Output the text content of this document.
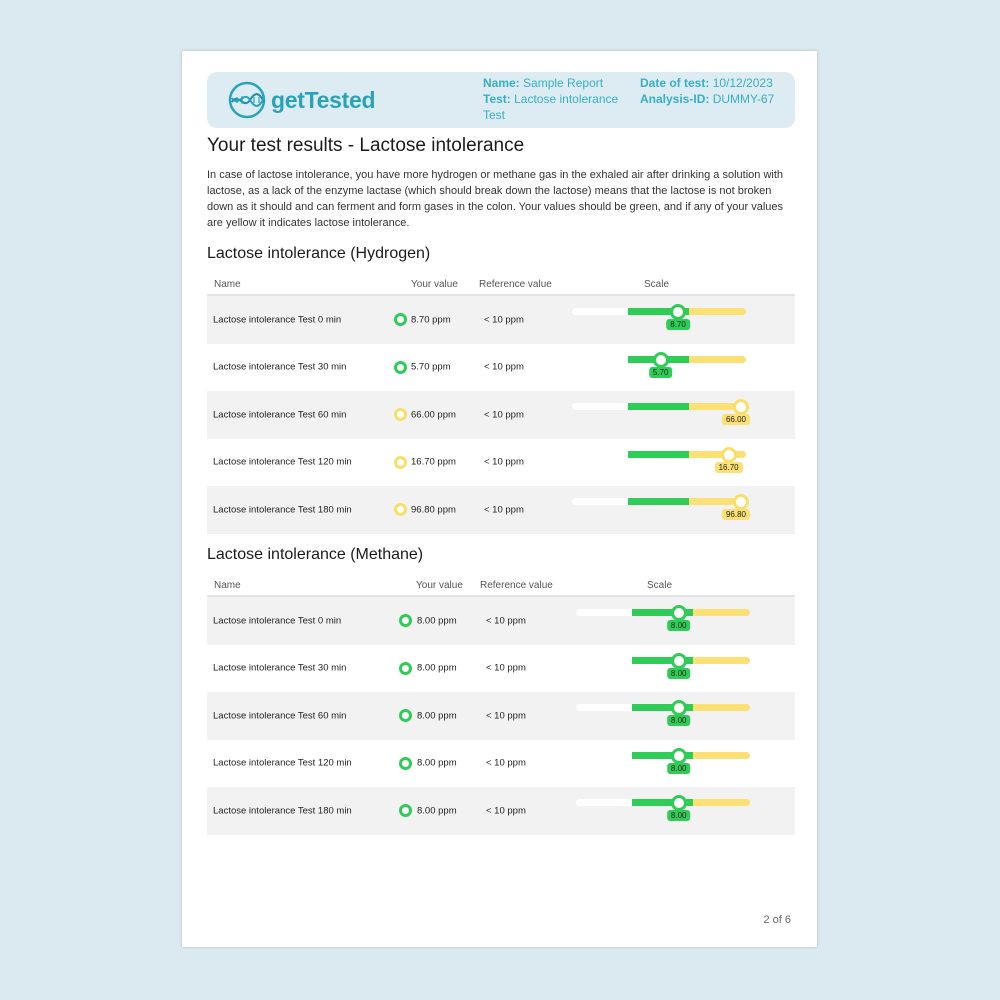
getTested
Name: Sample Report
Test: Lactose intolerance Test
Date of test: 10/12/2023
Analysis-ID: DUMMY-67
Your test results - Lactose intolerance

In case of lactose intolerance, you have more hydrogen or methane gas in the exhaled air after drinking a solution with lactose, as a lack of the enzyme lactase (which should break down the lactose) means that the lactose is not broken down as it should and can ferment and form gases in the colon. Your values should be green, and if any of your values are yellow it indicates lactose intolerance.

Lactose intolerance (Hydrogen)
Name	Your value Reference value	Scale
Lactose intolerance Test 0 min	8.70 ppm	< 10 ppm	8.70
Lactose intolerance Test 30 min	5.70 ppm	< 10 ppm	5.70
Lactose intolerance Test 60 min	66.00 ppm	< 10 ppm	66.00
Lactose intolerance Test 120 min	16.70 ppm	< 10 ppm	16.70
Lactose intolerance Test 180 min	96.80 ppm	< 10 ppm	96.80
Lactose intolerance (Methane)
Name	Your value Reference value	Scale
Lactose intolerance Test 0 min	8.00 ppm	< 10 ppm	8.00
Lactose intolerance Test 30 min	8.00 ppm	< 10 ppm	8.00
Lactose intolerance Test 60 min	8.00 ppm	< 10 ppm	8.00
Lactose intolerance Test 120 min	8.00 ppm	< 10 ppm	8.00
Lactose intolerance Test 180 min	8.00 ppm	< 10 ppm	8.00
2 of 6
